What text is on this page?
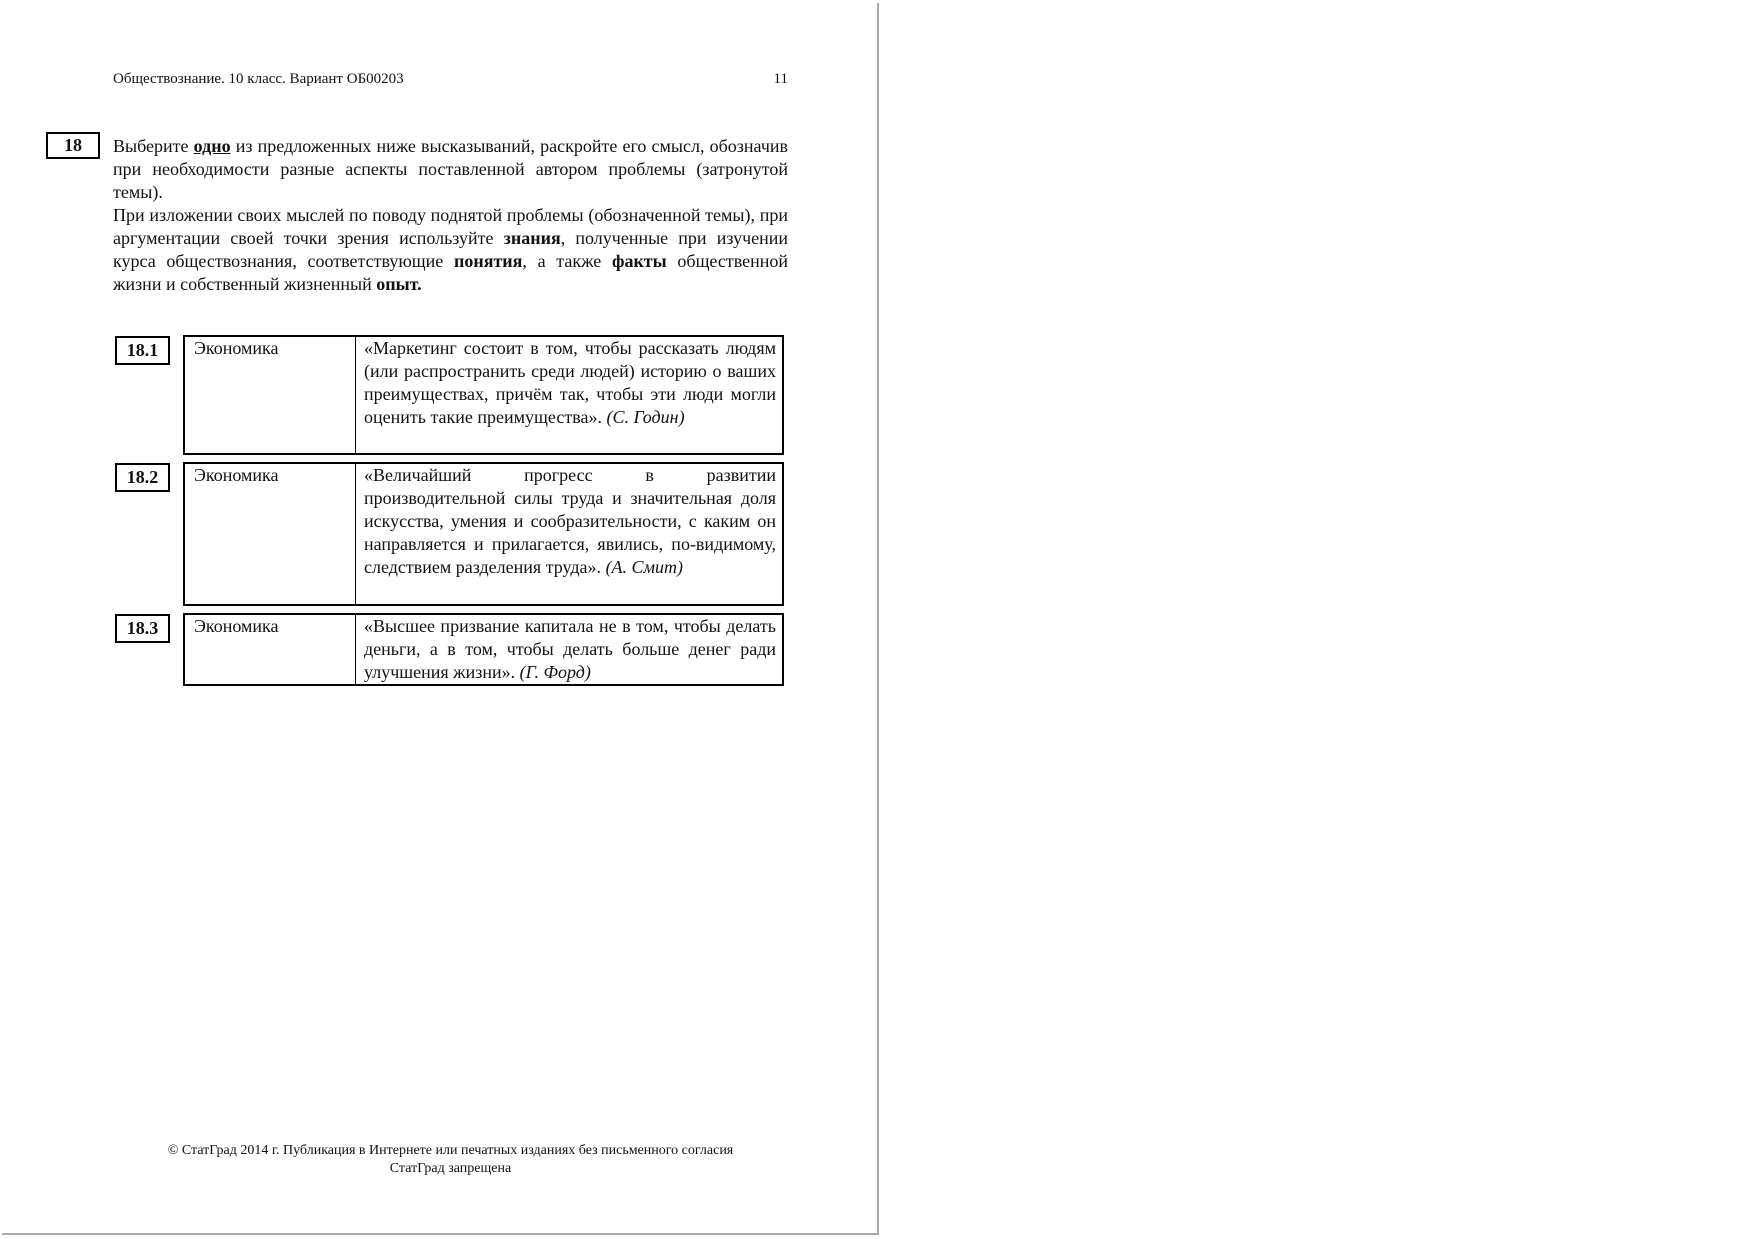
Обществознание. 10 класс. Вариант ОБ00203	11
18	Выберите одно из предложенных ниже высказываний, раскройте его смысл, обозначив при необходимости разные аспекты поставленной автором проблемы (затронутой темы).

При изложении своих мыслей по поводу поднятой проблемы (обозначенной темы), при аргументации своей точки зрения используйте знания, полученные при изучении курса обществознания, соответствующие понятия, а также факты общественной жизни и собственный жизненный опыт.

18.1	Экономика	«Маркетинг состоит в том, чтобы рассказать людям (или распространить среди людей) историю о ваших преимуществах, причём так, чтобы эти люди могли оценить такие преимущества». (С. Годин)
18.2	Экономика	«Величайший прогресс в развитии производительной силы труда и значительная доля искусства, умения и сообразительности, с каким он направляется и прилагается, явились, по-видимому, следствием разделения труда». (А. Смит)
18.3	Экономика	«Высшее призвание капитала не в том, чтобы делать деньги, а в том, чтобы делать больше денег ради улучшения жизни». (Г. Форд)
© СтатГрад 2014 г. Публикация в Интернете или печатных изданиях без письменного согласия
СтатГрад запрещена
